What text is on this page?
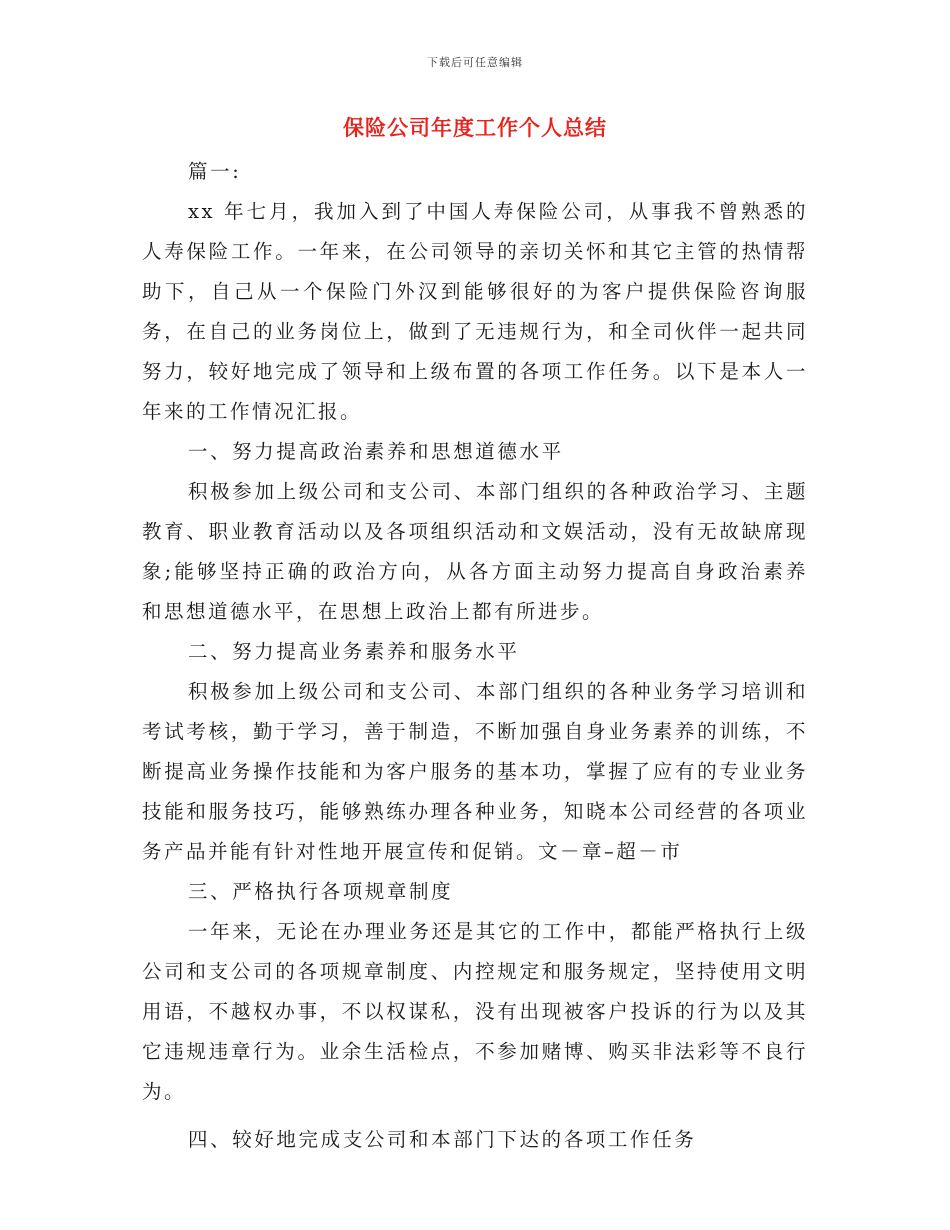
下载后可任意编辑
保险公司年度工作个人总结

篇一:

xx 年七月，我加入到了中国人寿保险公司，从事我不曾熟悉的人寿保险工作。一年来，在公司领导的亲切关怀和其它主管的热情帮助下，自己从一个保险门外汉到能够很好的为客户提供保险咨询服务，在自己的业务岗位上，做到了无违规行为，和全司伙伴一起共同努力，较好地完成了领导和上级布置的各项工作任务。以下是本人一年来的工作情况汇报。

一、努力提高政治素养和思想道德水平

积极参加上级公司和支公司、本部门组织的各种政治学习、主题教育、职业教育活动以及各项组织活动和文娱活动，没有无故缺席现象;能够坚持正确的政治方向，从各方面主动努力提高自身政治素养和思想道德水平，在思想上政治上都有所进步。

二、努力提高业务素养和服务水平

积极参加上级公司和支公司、本部门组织的各种业务学习培训和考试考核，勤于学习，善于制造，不断加强自身业务素养的训练，不断提高业务操作技能和为客户服务的基本功，掌握了应有的专业业务技能和服务技巧，能够熟练办理各种业务，知晓本公司经营的各项业务产品并能有针对性地开展宣传和促销。文－章–超－市

三、严格执行各项规章制度

一年来，无论在办理业务还是其它的工作中，都能严格执行上级公司和支公司的各项规章制度、内控规定和服务规定，坚持使用文明用语，不越权办事，不以权谋私，没有出现被客户投诉的行为以及其它违规违章行为。业余生活检点，不参加赌博、购买非法彩等不良行为。

四、较好地完成支公司和本部门下达的各项工作任务
